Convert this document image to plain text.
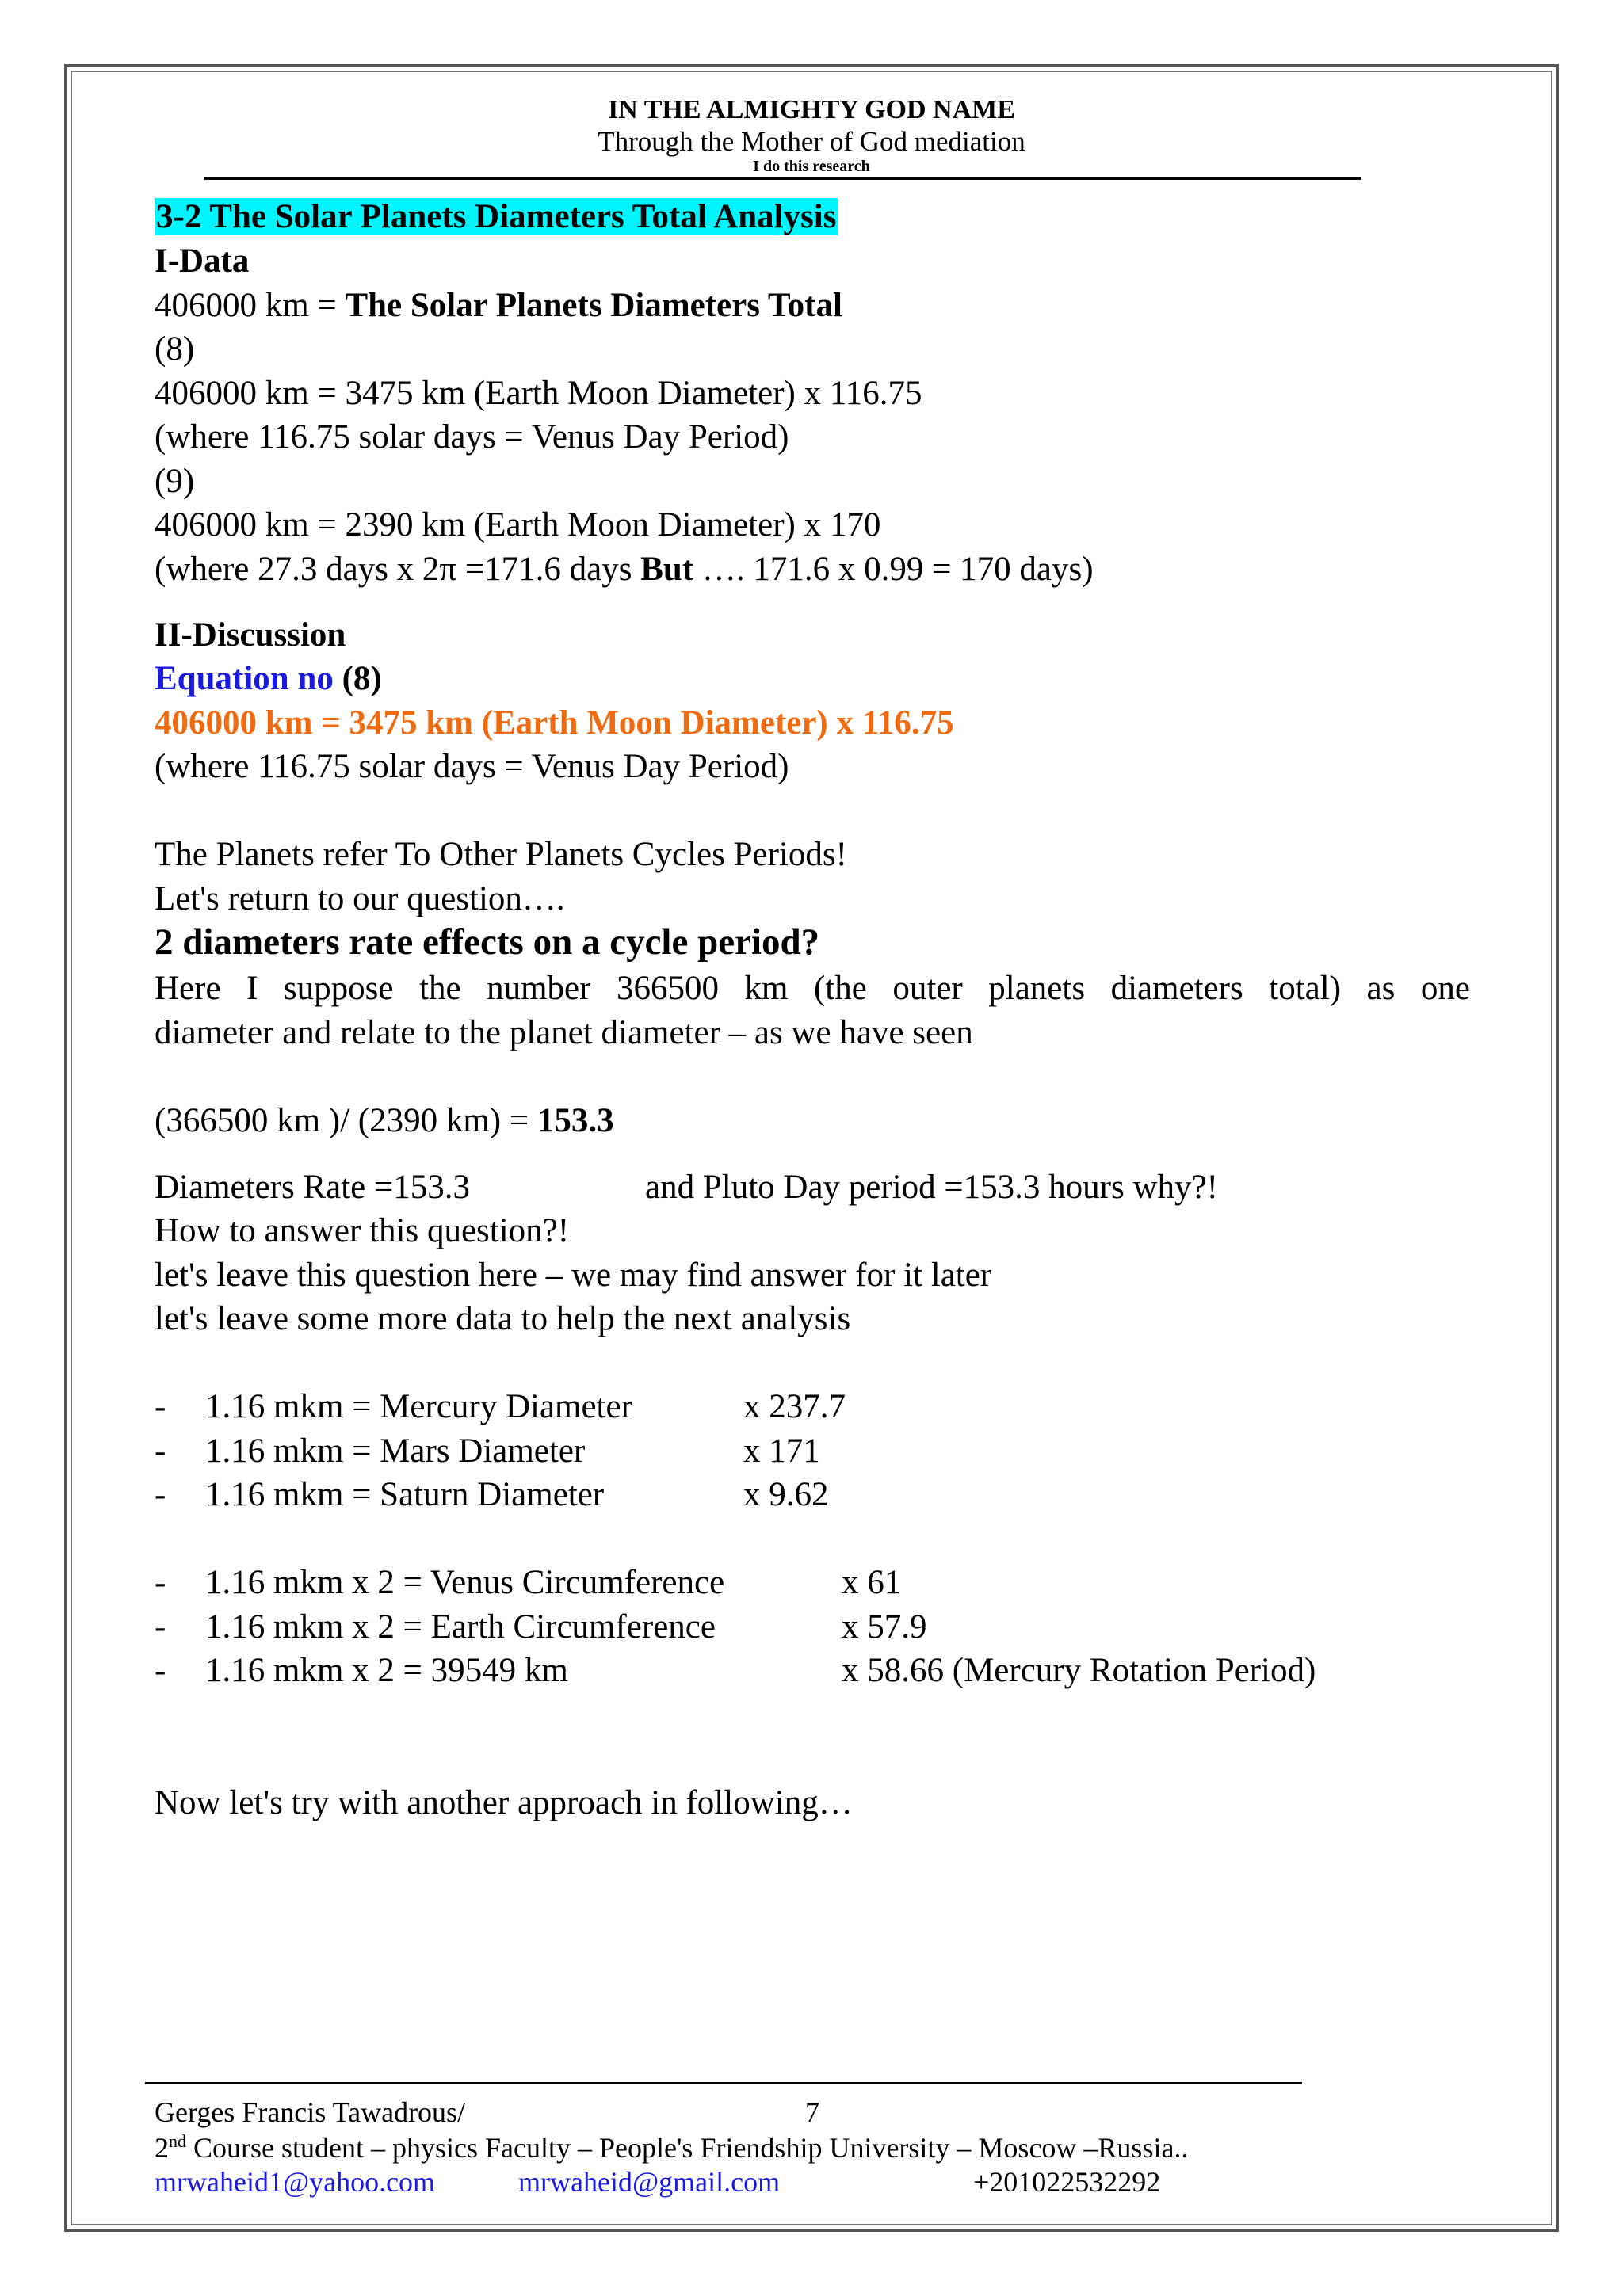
IN THE ALMIGHTY GOD NAME
Through the Mother of God mediation
I do this research
3-2 The Solar Planets Diameters Total Analysis
I-Data
406000 km = The Solar Planets Diameters Total
(8)
406000 km = 3475 km (Earth Moon Diameter) x 116.75
(where 116.75 solar days = Venus Day Period)
(9)
406000 km = 2390 km (Earth Moon Diameter) x 170
(where 27.3 days x 2π =171.6 days But …. 171.6 x 0.99 = 170 days)
II-Discussion
Equation no (8)
406000 km = 3475 km (Earth Moon Diameter) x 116.75
(where 116.75 solar days = Venus Day Period)
The Planets refer To Other Planets Cycles Periods!
Let's return to our question….
2 diameters rate effects on a cycle period?
Here I suppose the number 366500 km (the outer planets diameters total) as one
diameter and relate to the planet diameter – as we have seen
(366500 km )/ (2390 km) = 153.3
Diameters Rate =153.3	and Pluto Day period =153.3 hours why?!
How to answer this question?!
let's leave this question here – we may find answer for it later
let's leave some more data to help the next analysis
- 1.16 mkm = Mercury Diameter	x 237.7
- 1.16 mkm = Mars Diameter	x 171
- 1.16 mkm = Saturn Diameter	x 9.62
- 1.16 mkm x 2 = Venus Circumference	x 61
- 1.16 mkm x 2 = Earth Circumference	x 57.9
- 1.16 mkm x 2 = 39549 km	x 58.66 (Mercury Rotation Period)
Now let's try with another approach in following…
Gerges Francis Tawadrous/	7
2nd Course student – physics Faculty – People's Friendship University – Moscow –Russia..
mrwaheid1@yahoo.com	mrwaheid@gmail.com	+201022532292
